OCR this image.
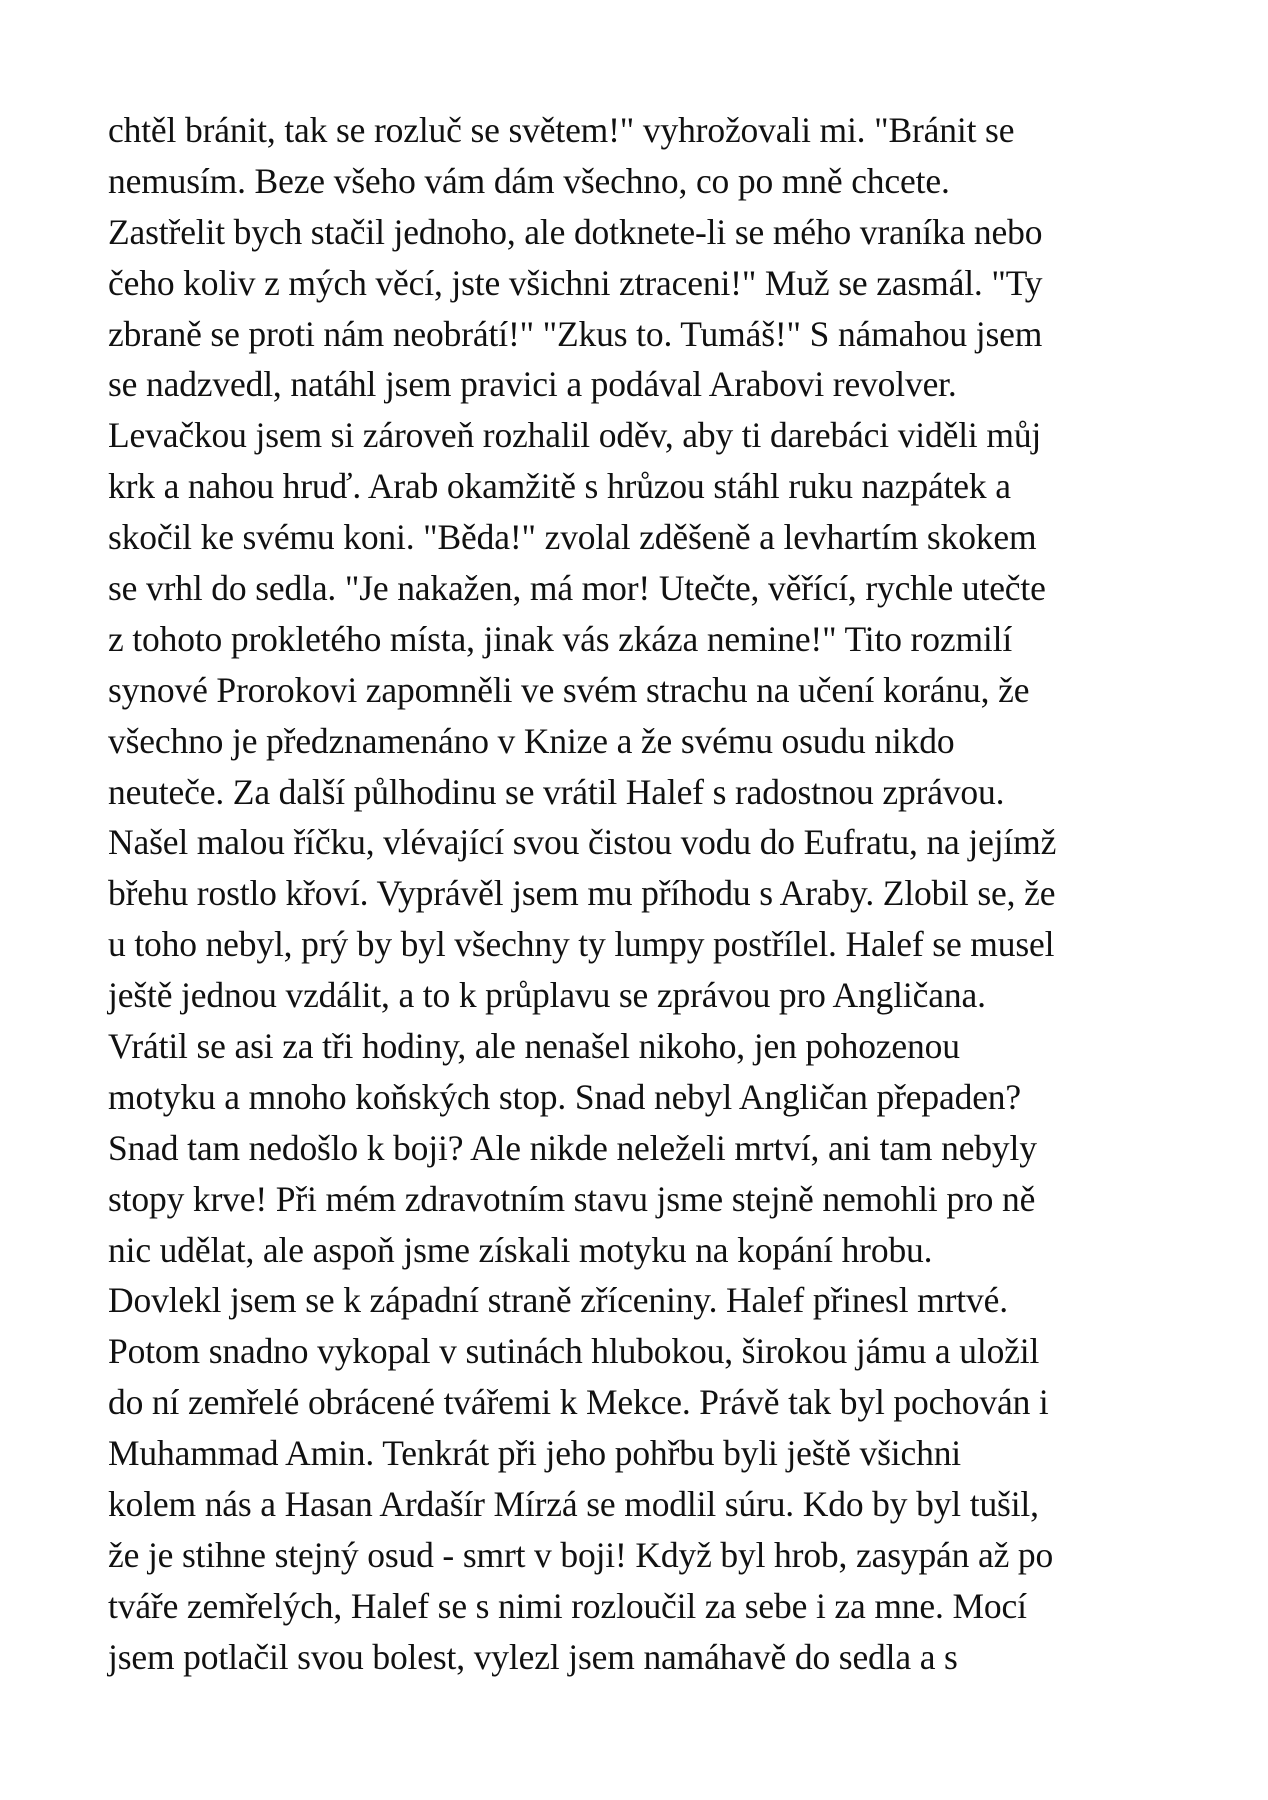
chtěl bránit, tak se rozluč se světem!" vyhrožovali mi. "Bránit se
nemusím. Beze všeho vám dám všechno, co po mně chcete.
Zastřelit bych stačil jednoho, ale dotknete-li se mého vraníka nebo
čeho koliv z mých věcí, jste všichni ztraceni!" Muž se zasmál. "Ty
zbraně se proti nám neobrátí!" "Zkus to. Tumáš!" S námahou jsem
se nadzvedl, natáhl jsem pravici a podával Arabovi revolver.
Levačkou jsem si zároveň rozhalil oděv, aby ti darebáci viděli můj
krk a nahou hruď. Arab okamžitě s hrůzou stáhl ruku nazpátek a
skočil ke svému koni. "Běda!" zvolal zděšeně a levhartím skokem
se vrhl do sedla. "Je nakažen, má mor! Utečte, věřící, rychle utečte
z tohoto prokletého místa, jinak vás zkáza nemine!" Tito rozmilí
synové Prorokovi zapomněli ve svém strachu na učení koránu, že
všechno je předznamenáno v Knize a že svému osudu nikdo
neuteče. Za další půlhodinu se vrátil Halef s radostnou zprávou.
Našel malou říčku, vlévající svou čistou vodu do Eufratu, na jejímž
břehu rostlo křoví. Vyprávěl jsem mu příhodu s Araby. Zlobil se, že
u toho nebyl, prý by byl všechny ty lumpy postřílel. Halef se musel
ještě jednou vzdálit, a to k průplavu se zprávou pro Angličana.
Vrátil se asi za tři hodiny, ale nenašel nikoho, jen pohozenou
motyku a mnoho koňských stop. Snad nebyl Angličan přepaden?
Snad tam nedošlo k boji? Ale nikde neleželi mrtví, ani tam nebyly
stopy krve! Při mém zdravotním stavu jsme stejně nemohli pro ně
nic udělat, ale aspoň jsme získali motyku na kopání hrobu.
Dovlekl jsem se k západní straně zříceniny. Halef přinesl mrtvé.
Potom snadno vykopal v sutinách hlubokou, širokou jámu a uložil
do ní zemřelé obrácené tvářemi k Mekce. Právě tak byl pochován i
Muhammad Amin. Tenkrát při jeho pohřbu byli ještě všichni
kolem nás a Hasan Ardašír Mírzá se modlil súru. Kdo by byl tušil,
že je stihne stejný osud - smrt v boji! Když byl hrob, zasypán až po
tváře zemřelých, Halef se s nimi rozloučil za sebe i za mne. Mocí
jsem potlačil svou bolest, vylezl jsem namáhavě do sedla a s
